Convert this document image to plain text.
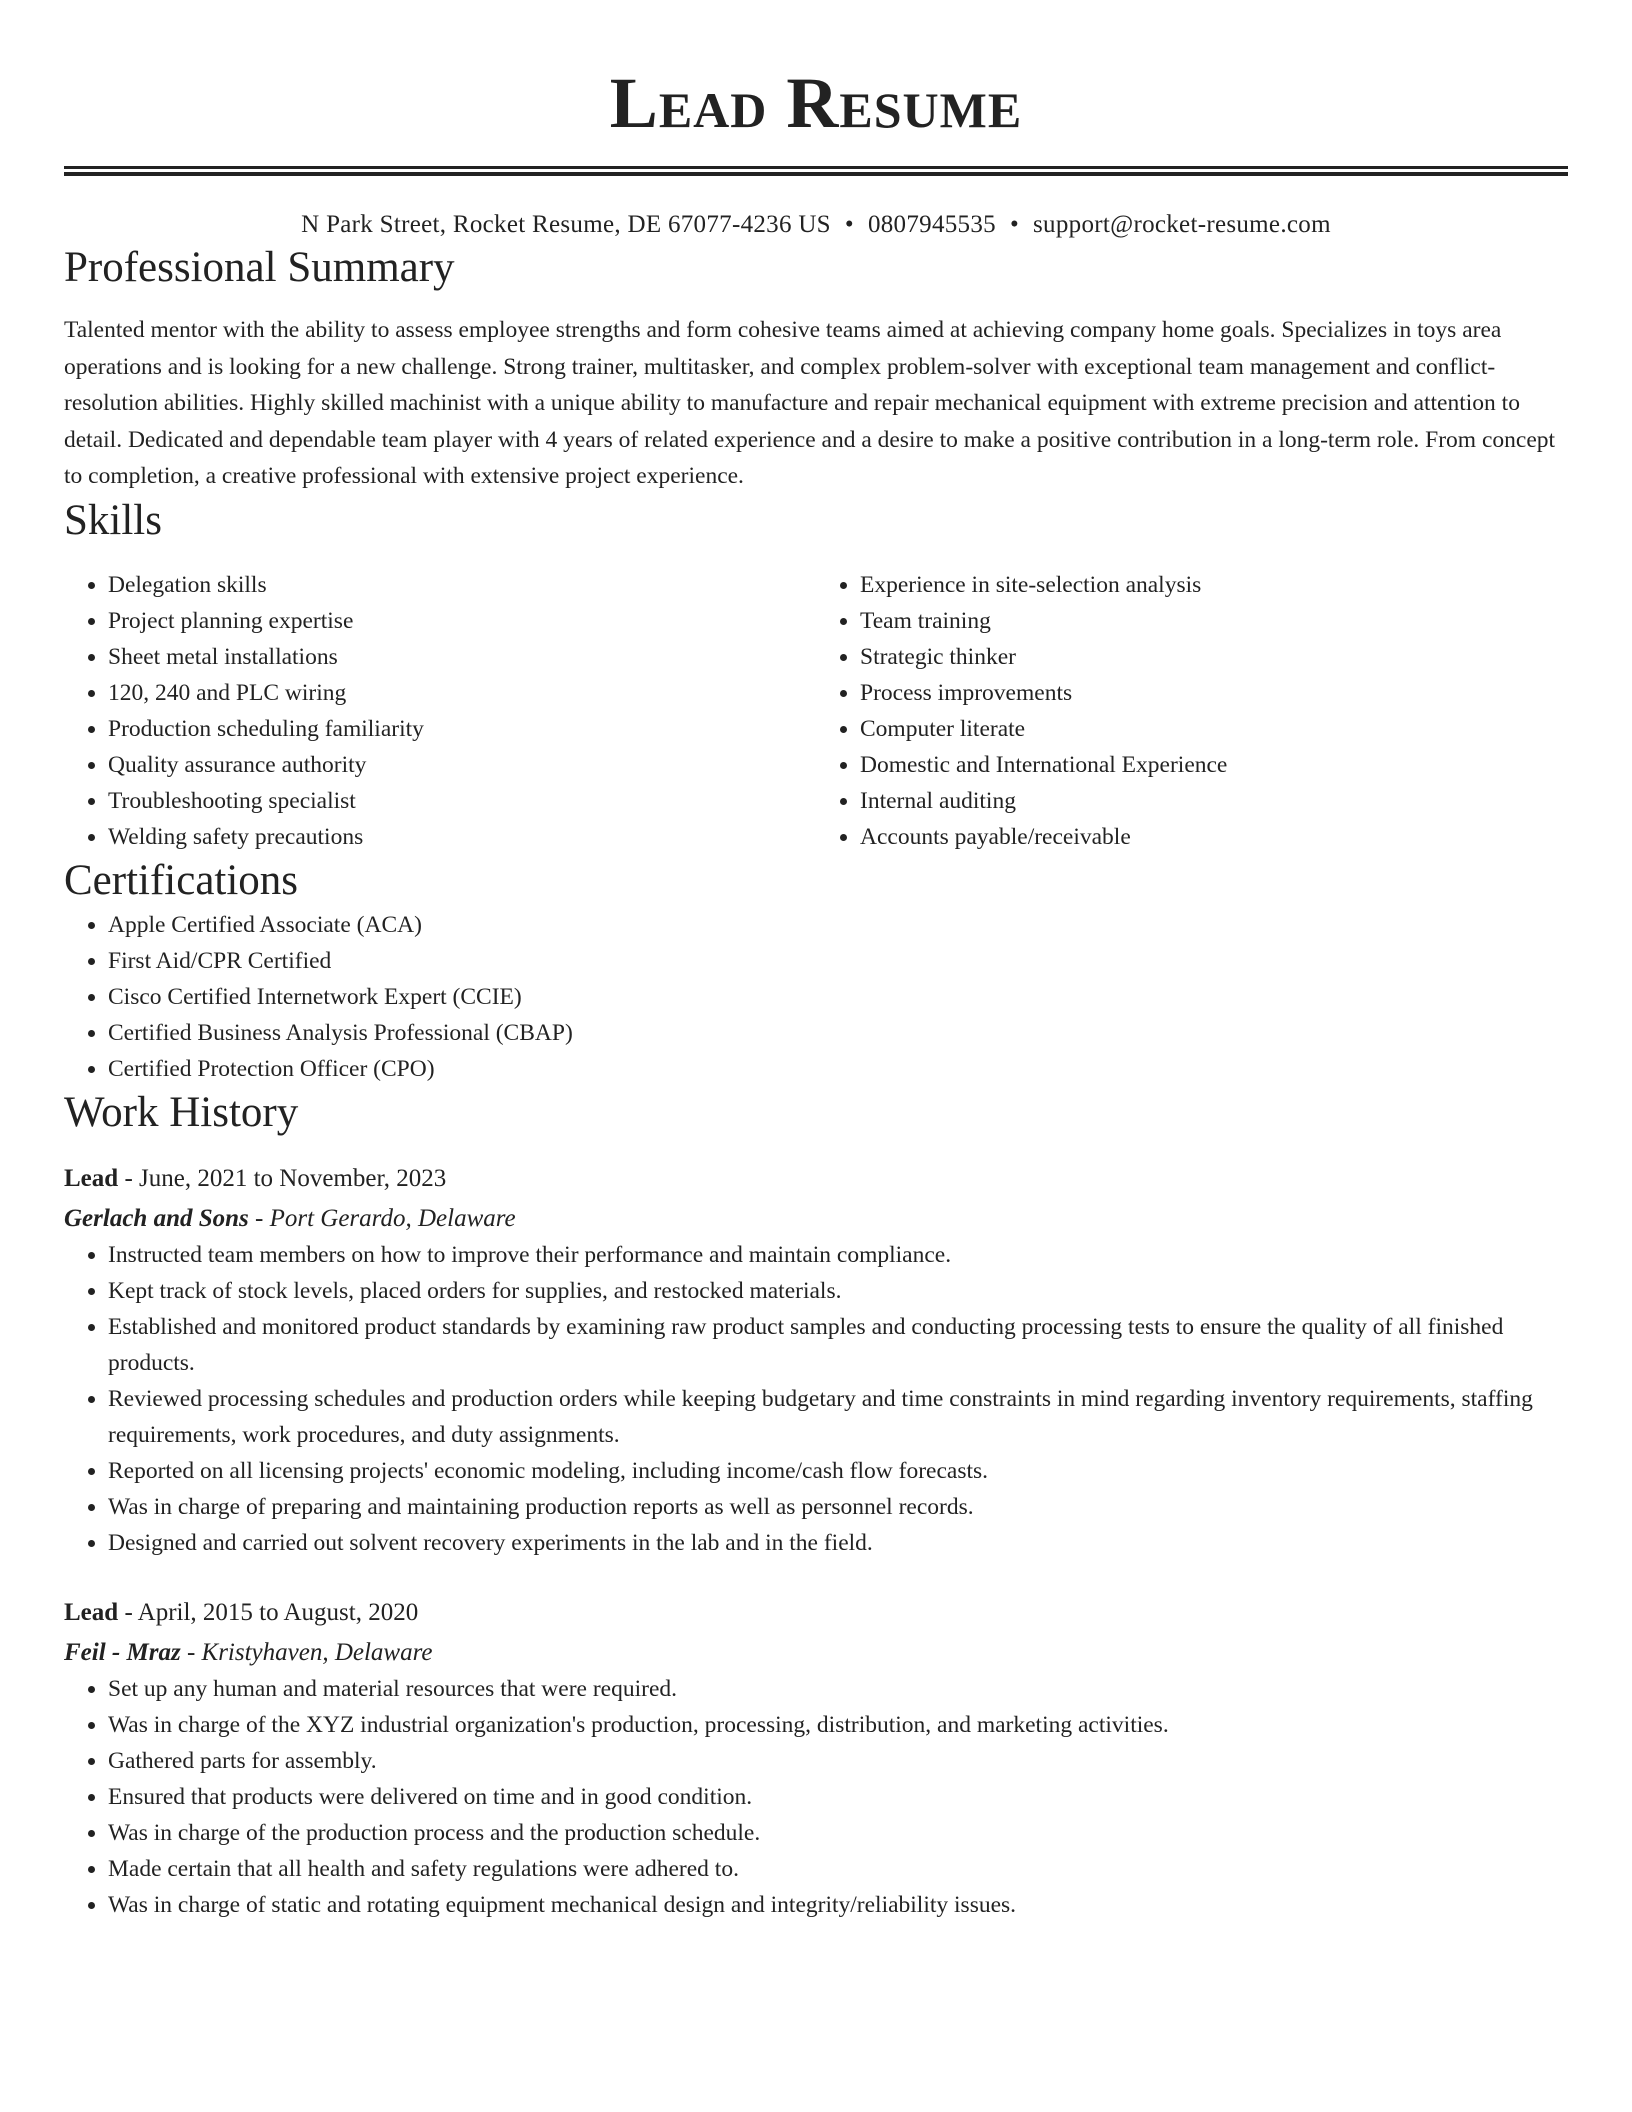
Lead Resume
N Park Street, Rocket Resume, DE 67077-4236 US • 0807945535 • support@rocket-resume.com
Professional Summary

Talented mentor with the ability to assess employee strengths and form cohesive teams aimed at achieving company home goals. Specializes in toys area operations and is looking for a new challenge. Strong trainer, multitasker, and complex problem-solver with exceptional team management and conflict-resolution abilities. Highly skilled machinist with a unique ability to manufacture and repair mechanical equipment with extreme precision and attention to detail. Dedicated and dependable team player with 4 years of related experience and a desire to make a positive contribution in a long-term role. From concept to completion, a creative professional with extensive project experience.

Skills
• Delegation skills
• Project planning expertise
• Sheet metal installations
• 120, 240 and PLC wiring
• Production scheduling familiarity
• Quality assurance authority
• Troubleshooting specialist
• Welding safety precautions
• Experience in site-selection analysis
• Team training
• Strategic thinker
• Process improvements
• Computer literate
• Domestic and International Experience
• Internal auditing
• Accounts payable/receivable
Certifications
• Apple Certified Associate (ACA)
• First Aid/CPR Certified
• Cisco Certified Internetwork Expert (CCIE)
• Certified Business Analysis Professional (CBAP)
• Certified Protection Officer (CPO)
Work History
Lead - June, 2021 to November, 2023
Gerlach and Sons - Port Gerardo, Delaware
• Instructed team members on how to improve their performance and maintain compliance.
• Kept track of stock levels, placed orders for supplies, and restocked materials.
• Established and monitored product standards by examining raw product samples and conducting processing tests to ensure the quality of all finished products.
• Reviewed processing schedules and production orders while keeping budgetary and time constraints in mind regarding inventory requirements, staffing requirements, work procedures, and duty assignments.
• Reported on all licensing projects' economic modeling, including income/cash flow forecasts.
• Was in charge of preparing and maintaining production reports as well as personnel records.
• Designed and carried out solvent recovery experiments in the lab and in the field.
Lead - April, 2015 to August, 2020
Feil - Mraz - Kristyhaven, Delaware
• Set up any human and material resources that were required.
• Was in charge of the XYZ industrial organization's production, processing, distribution, and marketing activities.
• Gathered parts for assembly.
• Ensured that products were delivered on time and in good condition.
• Was in charge of the production process and the production schedule.
• Made certain that all health and safety regulations were adhered to.
• Was in charge of static and rotating equipment mechanical design and integrity/reliability issues.
